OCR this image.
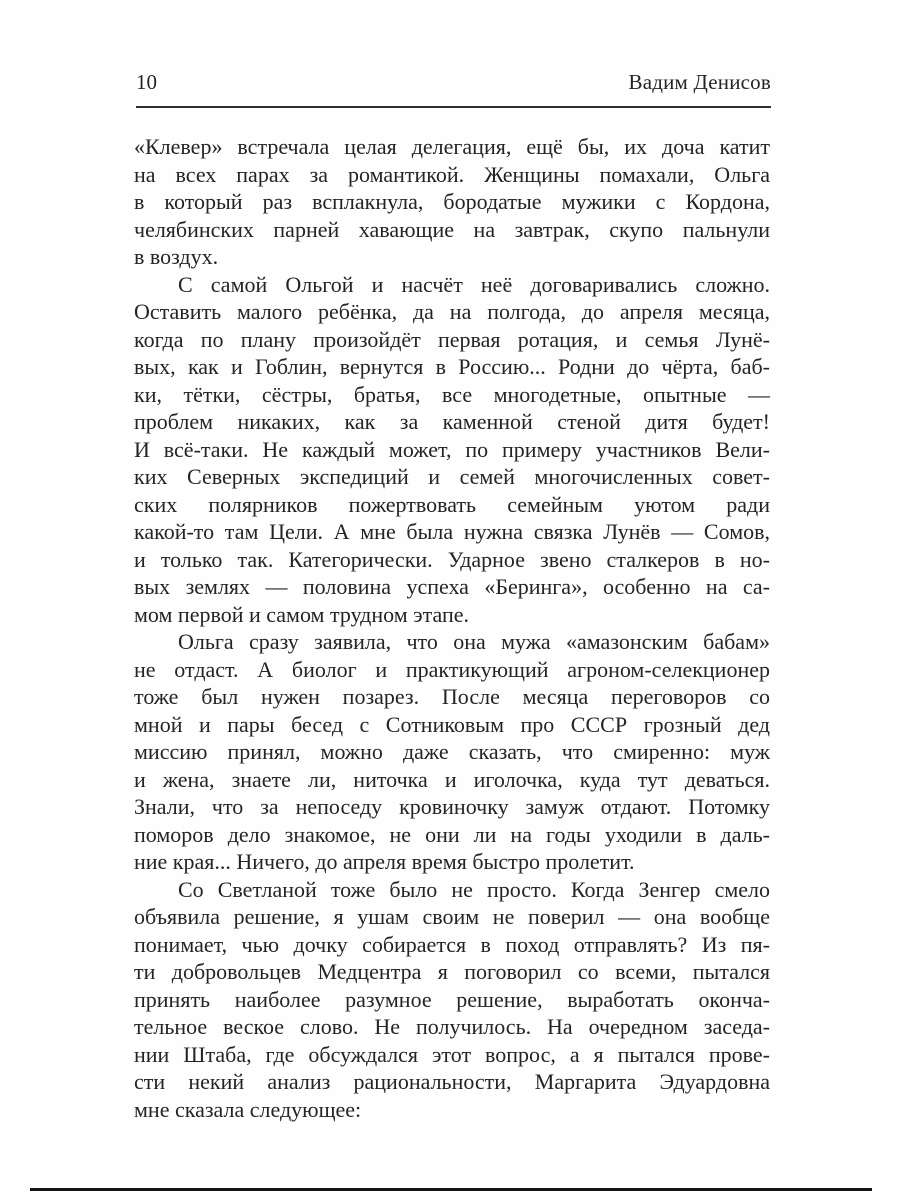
10	Вадим Денисов
«Клевер» встречала целая делегация, ещё бы, их доча катит
на всех парах за романтикой. Женщины помахали, Ольга
в который раз всплакнула, бородатые мужики с Кордона,
челябинских парней хавающие на завтрак, скупо пальнули
в воздух.
С самой Ольгой и насчёт неё договаривались сложно.
Оставить малого ребёнка, да на полгода, до апреля месяца,
когда по плану произойдёт первая ротация, и семья Лунё-
вых, как и Гоблин, вернутся в Россию... Родни до чёрта, баб-
ки, тётки, сёстры, братья, все многодетные, опытные —
проблем никаких, как за каменной стеной дитя будет!
И всё-таки. Не каждый может, по примеру участников Вели-
ких Северных экспедиций и семей многочисленных совет-
ских полярников пожертвовать семейным уютом ради
какой-то там Цели. А мне была нужна связка Лунёв — Сомов,
и только так. Категорически. Ударное звено сталкеров в но-
вых землях — половина успеха «Беринга», особенно на са-
мом первой и самом трудном этапе.
Ольга сразу заявила, что она мужа «амазонским бабам»
не отдаст. А биолог и практикующий агроном-селекционер
тоже был нужен позарез. После месяца переговоров со
мной и пары бесед с Сотниковым про СССР грозный дед
миссию принял, можно даже сказать, что смиренно: муж
и жена, знаете ли, ниточка и иголочка, куда тут деваться.
Знали, что за непоседу кровиночку замуж отдают. Потомку
поморов дело знакомое, не они ли на годы уходили в даль-
ние края... Ничего, до апреля время быстро пролетит.
Со Светланой тоже было не просто. Когда Зенгер смело
объявила решение, я ушам своим не поверил — она вообще
понимает, чью дочку собирается в поход отправлять? Из пя-
ти добровольцев Медцентра я поговорил со всеми, пытался
принять наиболее разумное решение, выработать оконча-
тельное веское слово. Не получилось. На очередном заседа-
нии Штаба, где обсуждался этот вопрос, а я пытался прове-
сти некий анализ рациональности, Маргарита Эдуардовна
мне сказала следующее:
